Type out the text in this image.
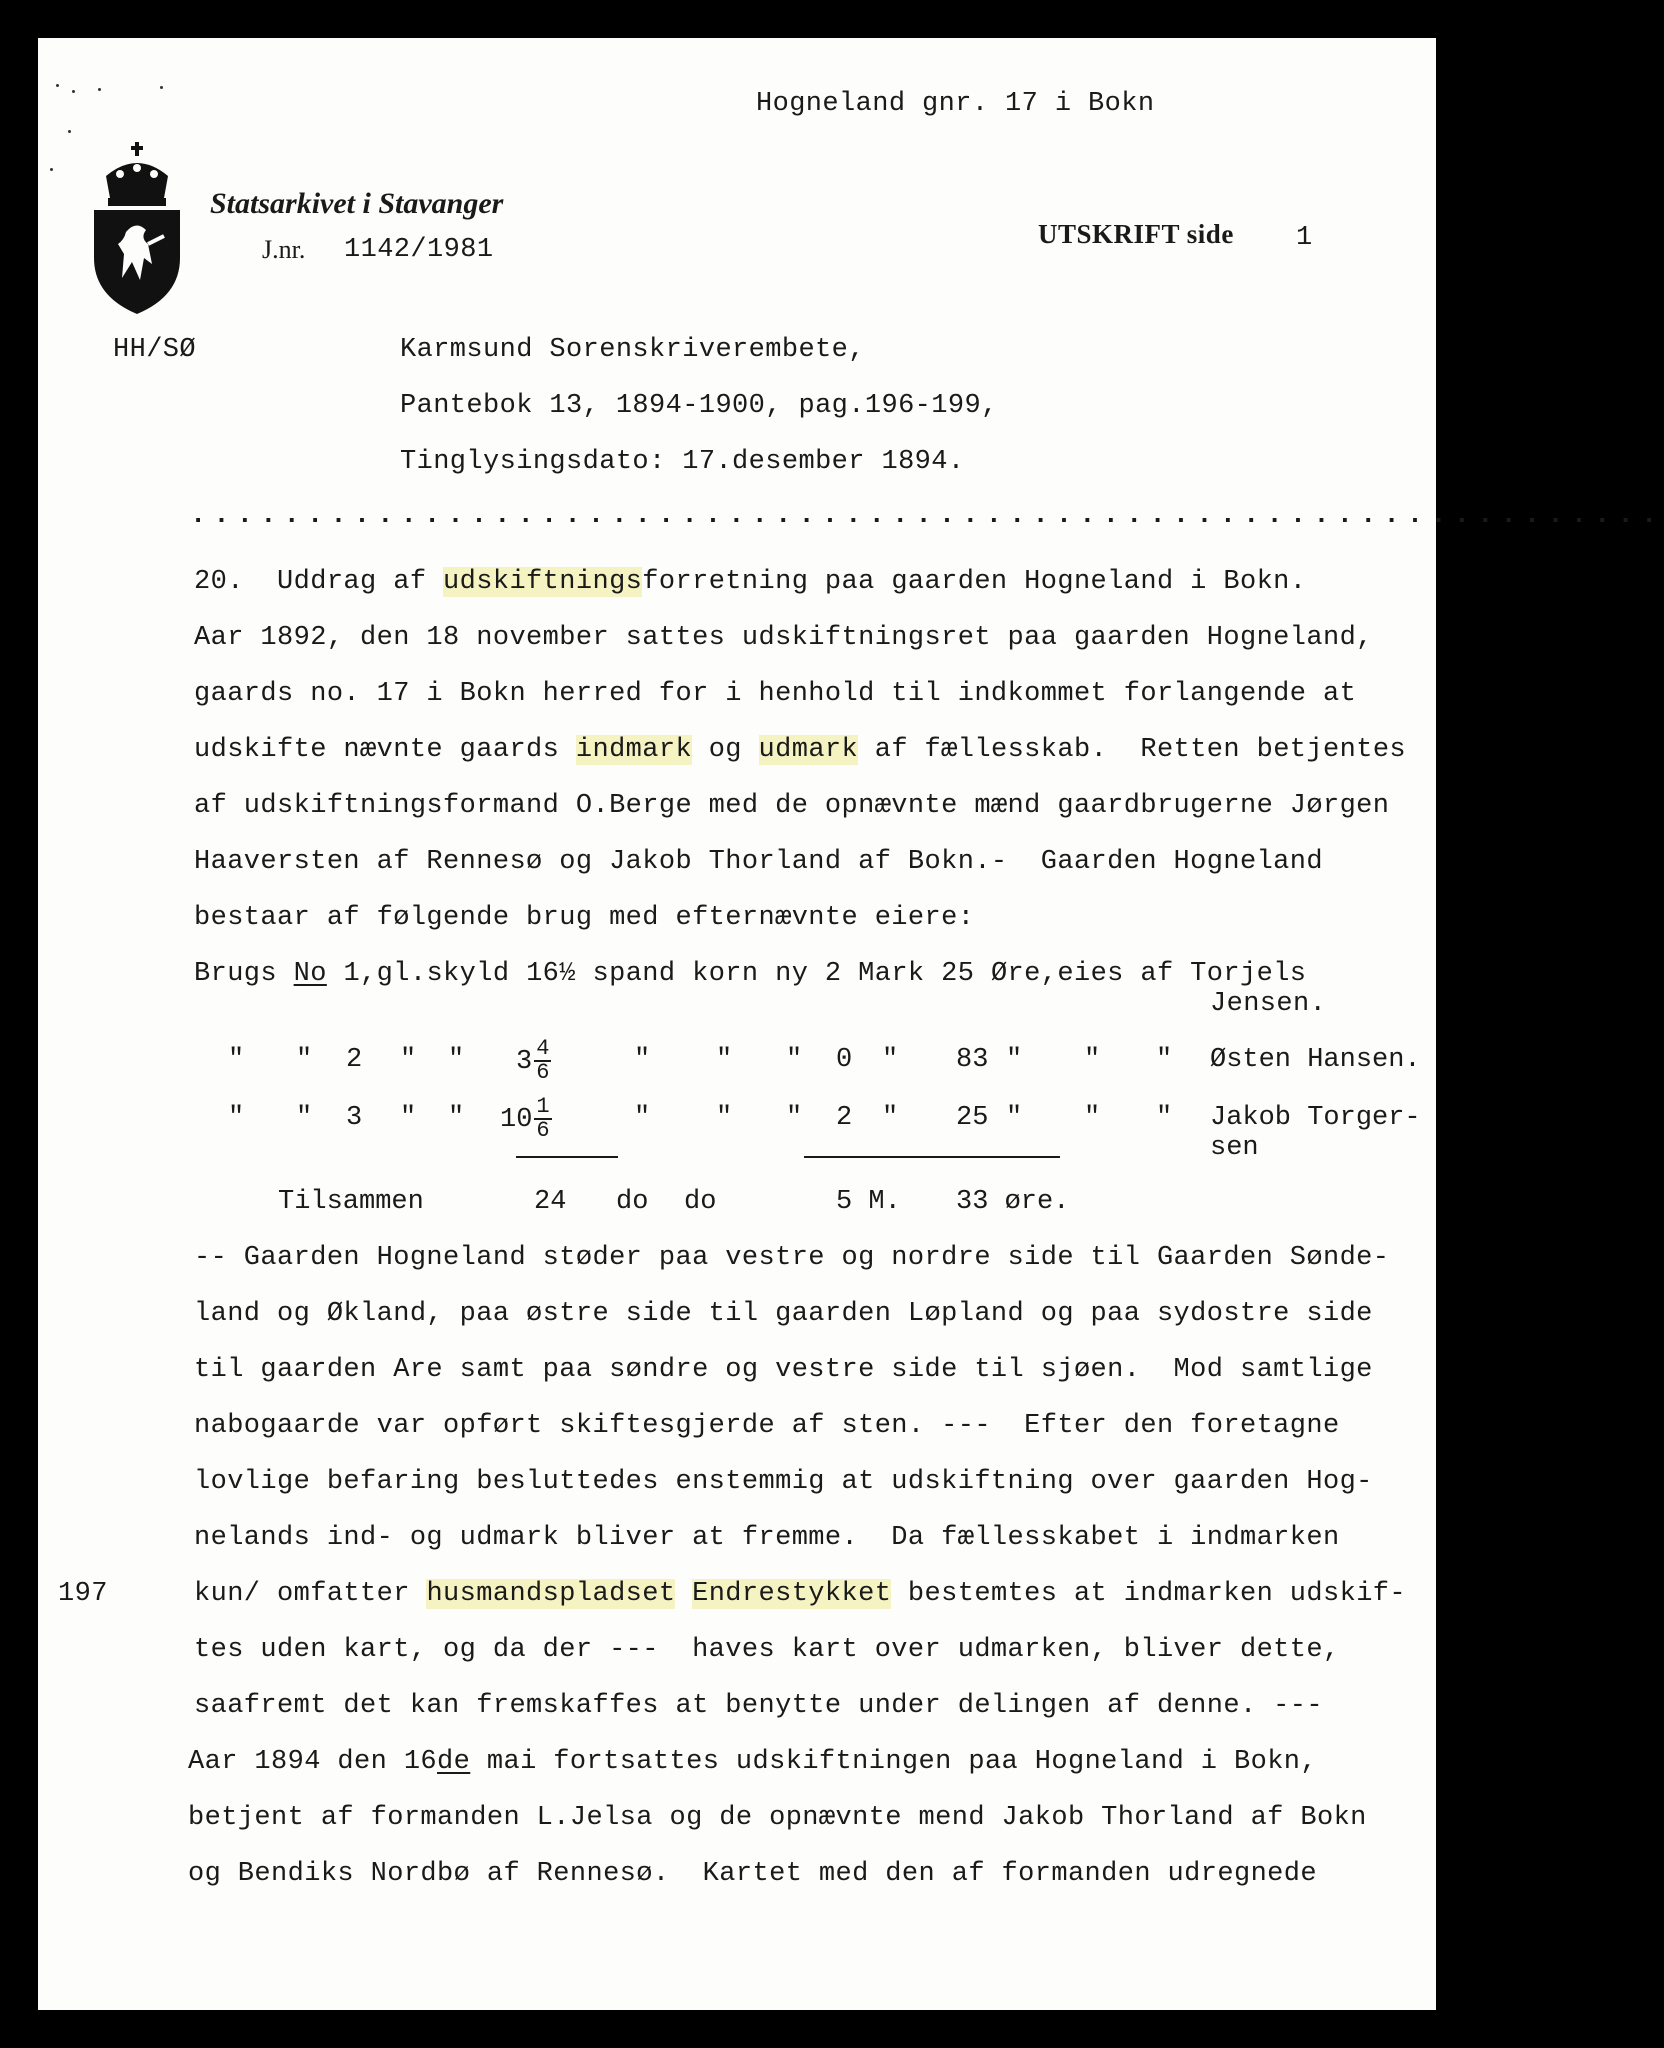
Hogneland gnr. 17 i Bokn
Statsarkivet i Stavanger
J.nr. 1142/1981
UTSKRIFT side 1
HH/SØ	Karmsund Sorenskriverembete,
Pantebok 13, 1894-1900, pag.196-199,
Tinglysingsdato: 17.desember 1894.
...............................................................
20.  Uddrag af udskiftningsforretning paa gaarden Hogneland i Bokn.
Aar 1892, den 18 november sattes udskiftningsret paa gaarden Hogneland,
gaards no. 17 i Bokn herred for i henhold til indkommet forlangende at
udskifte nævnte gaards indmark og udmark af fællesskab.  Retten betjentes
af udskiftningsformand O.Berge med de opnævnte mænd gaardbrugerne Jørgen
Haaversten af Rennesø og Jakob Thorland af Bokn.-  Gaarden Hogneland
bestaar af følgende brug med efternævnte eiere:
Brugs No 1,gl.skyld 16½ spand korn ny 2 Mark 25 Øre,eies af Torjels
Jensen.
" " 2 " " $3 \frac{4}{6}$	" " " 0 " 83 " " " Østen Hansen.
" " 3 " " $10 \frac{1}{6}$	" " " 2 " 25 " " " Jakob Torger-
sen
Tilsammen	24 do do	5 M. 33 øre.
-- Gaarden Hogneland støder paa vestre og nordre side til Gaarden Sønde-
land og Økland, paa østre side til gaarden Løpland og paa sydostre side
til gaarden Are samt paa søndre og vestre side til sjøen.  Mod samtlige
nabogaarde var opført skiftesgjerde af sten. ---  Efter den foretagne
lovlige befaring besluttedes enstemmig at udskiftning over gaarden Hog-
nelands ind- og udmark bliver at fremme.  Da fællesskabet i indmarken
197	kun/ omfatter husmandspladset Endrestykket bestemtes at indmarken udskif-
tes uden kart, og da der ---  haves kart over udmarken, bliver dette,
saafremt det kan fremskaffes at benytte under delingen af denne. ---
Aar 1894 den 16de mai fortsattes udskiftningen paa Hogneland i Bokn,
betjent af formanden L.Jelsa og de opnævnte mend Jakob Thorland af Bokn
og Bendiks Nordbø af Rennesø.  Kartet med den af formanden udregnede
